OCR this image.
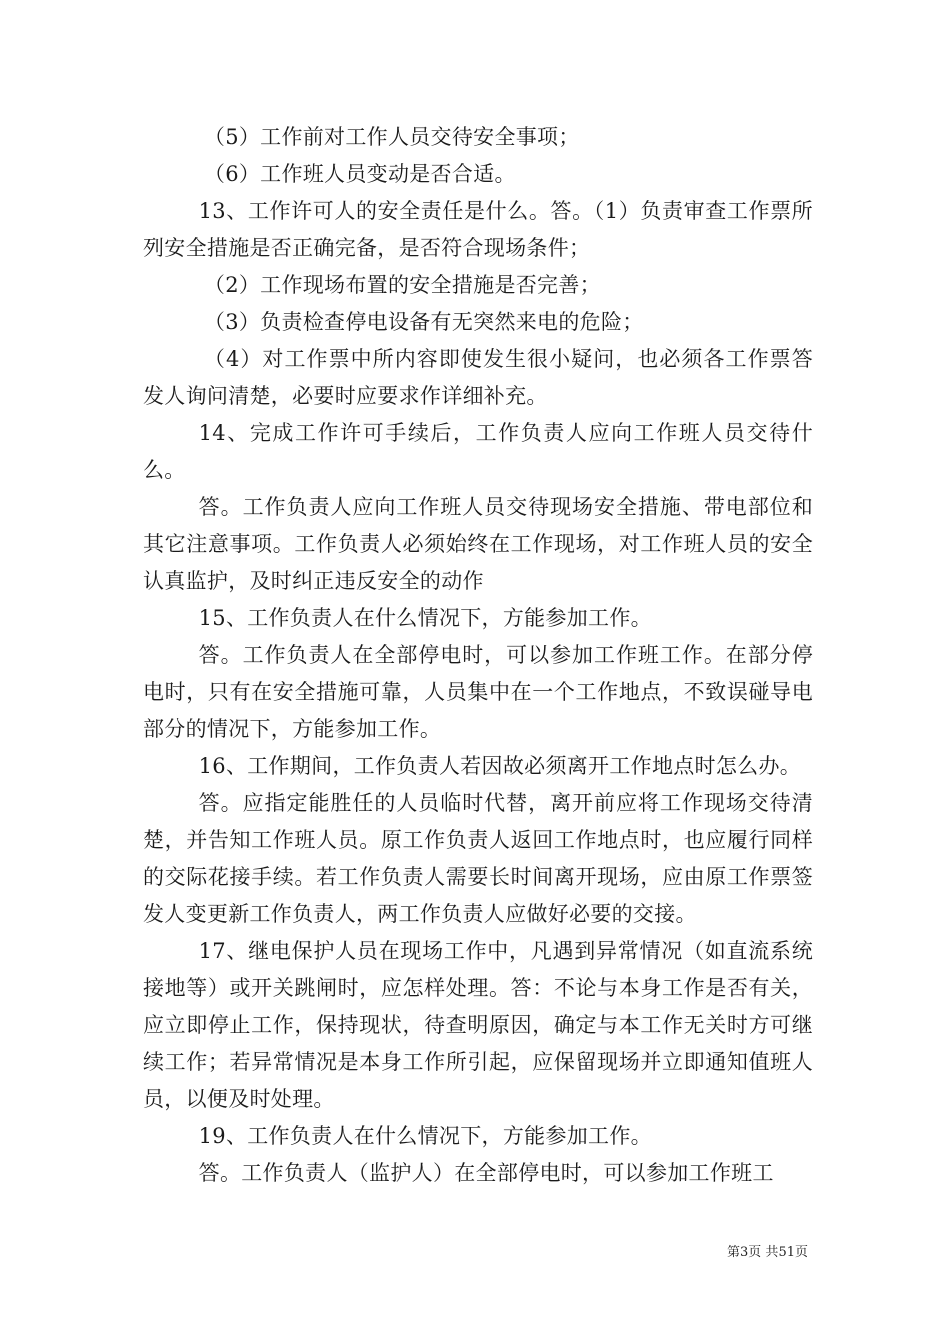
（5）工作前对工作人员交待安全事项；

（6）工作班人员变动是否合适。

13、工作许可人的安全责任是什么。答。（1）负责审查工作票所列安全措施是否正确完备，是否符合现场条件；

（2）工作现场布置的安全措施是否完善；

（3）负责检查停电设备有无突然来电的危险；

（4）对工作票中所内容即使发生很小疑问，也必须各工作票答发人询问清楚，必要时应要求作详细补充。

14、完成工作许可手续后，工作负责人应向工作班人员交待什么。

答。工作负责人应向工作班人员交待现场安全措施、带电部位和其它注意事项。工作负责人必须始终在工作现场，对工作班人员的安全认真监护，及时纠正违反安全的动作

15、工作负责人在什么情况下，方能参加工作。

答。工作负责人在全部停电时，可以参加工作班工作。在部分停电时，只有在安全措施可靠，人员集中在一个工作地点，不致误碰导电部分的情况下，方能参加工作。

16、工作期间，工作负责人若因故必须离开工作地点时怎么办。

答。应指定能胜任的人员临时代替，离开前应将工作现场交待清楚，并告知工作班人员。原工作负责人返回工作地点时，也应履行同样的交际花接手续。若工作负责人需要长时间离开现场，应由原工作票签发人变更新工作负责人，两工作负责人应做好必要的交接。

17、继电保护人员在现场工作中，凡遇到异常情况（如直流系统接地等）或开关跳闸时，应怎样处理。答：不论与本身工作是否有关，应立即停止工作，保持现状，待查明原因，确定与本工作无关时方可继续工作；若异常情况是本身工作所引起，应保留现场并立即通知值班人员，以便及时处理。

19、工作负责人在什么情况下，方能参加工作。

答。工作负责人（监护人）在全部停电时，可以参加工作班工

第3页 共51页
